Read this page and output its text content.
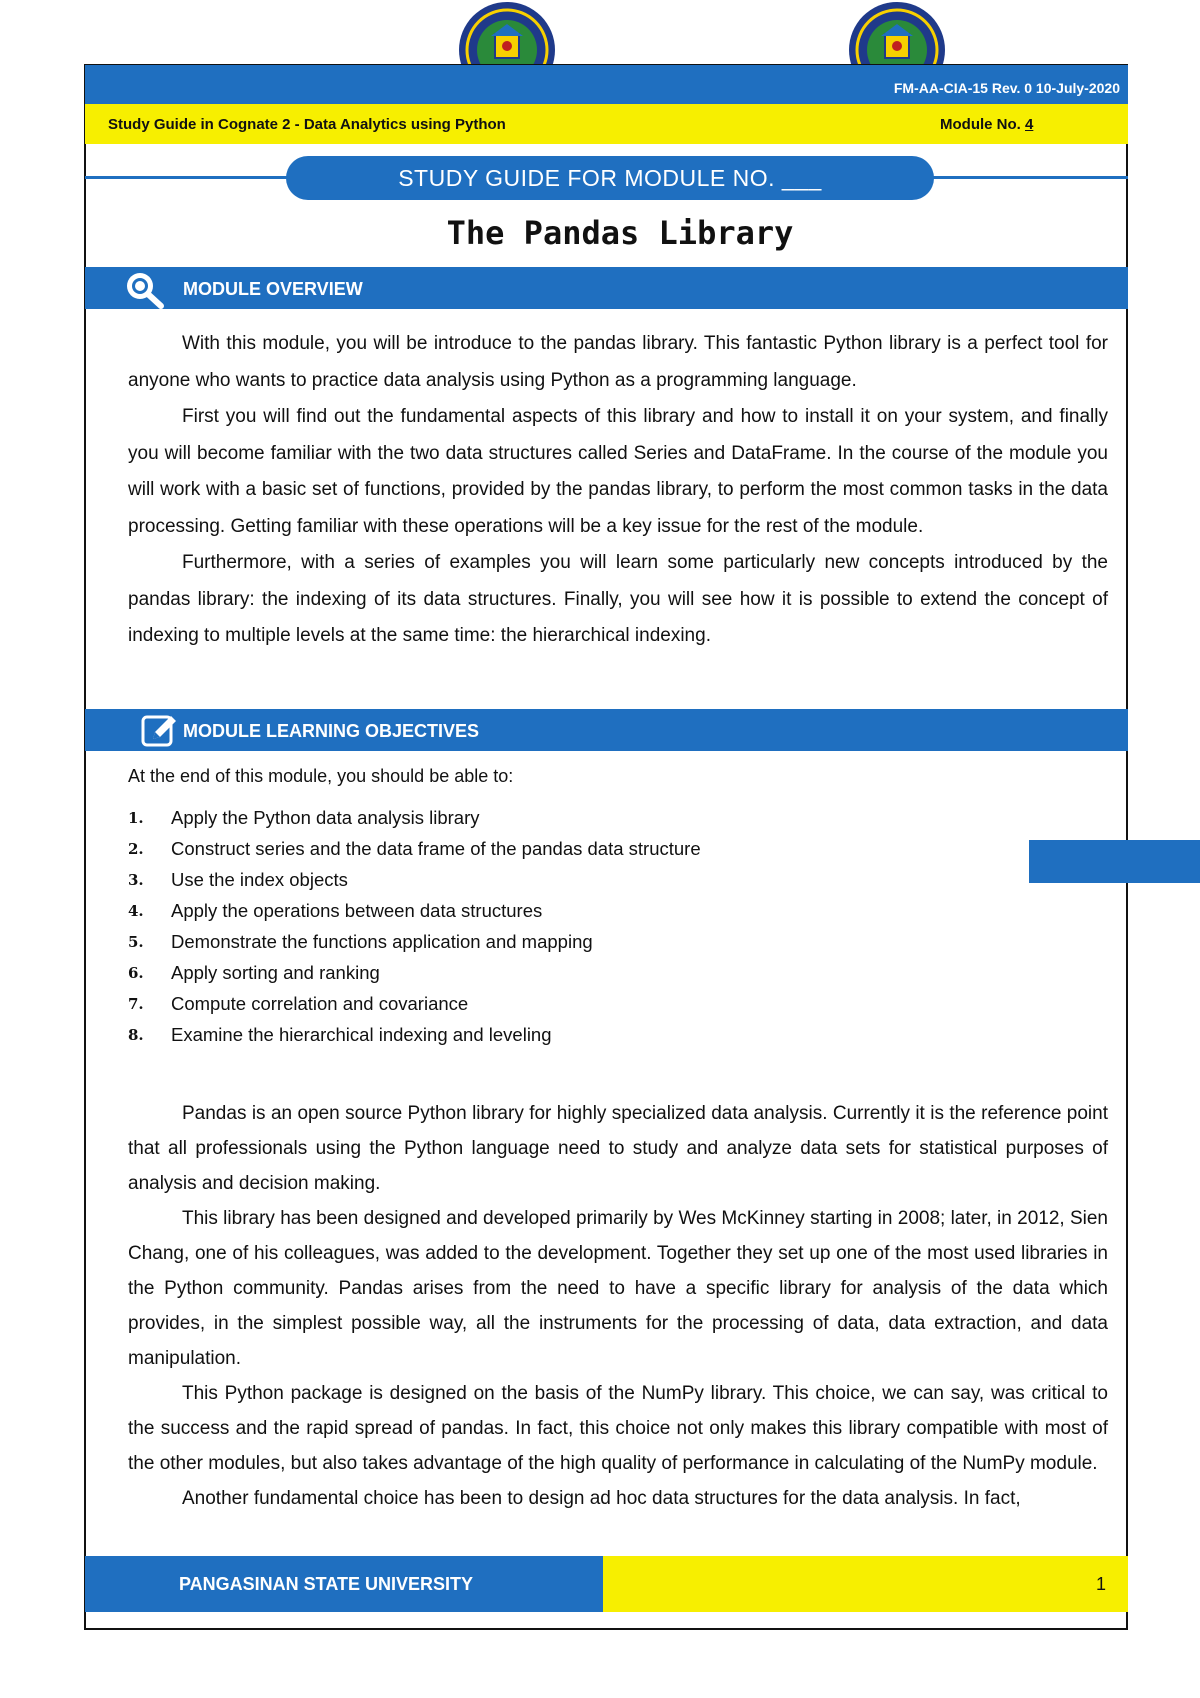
FM-AA-CIA-15 Rev. 0 10-July-2020
Study Guide in Cognate 2 - Data Analytics using Python	Module No. 4
STUDY GUIDE FOR MODULE NO. ___
The Pandas Library
MODULE OVERVIEW

With this module, you will be introduce to the pandas library. This fantastic Python library is a perfect tool for anyone who wants to practice data analysis using Python as a programming language.

First you will find out the fundamental aspects of this library and how to install it on your system, and finally you will become familiar with the two data structures called Series and DataFrame. In the course of the module you will work with a basic set of functions, provided by the pandas library, to perform the most common tasks in the data processing. Getting familiar with these operations will be a key issue for the rest of the module.

Furthermore, with a series of examples you will learn some particularly new concepts introduced by the pandas library: the indexing of its data structures. Finally, you will see how it is possible to extend the concept of indexing to multiple levels at the same time: the hierarchical indexing.

MODULE LEARNING OBJECTIVES
At the end of this module, you should be able to:
1.	Apply the Python data analysis library
2.	Construct series and the data frame of the pandas data structure
3.	Use the index objects
4.	Apply the operations between data structures
5.	Demonstrate the functions application and mapping
6.	Apply sorting and ranking
7.	Compute correlation and covariance
8.	Examine the hierarchical indexing and leveling

Pandas is an open source Python library for highly specialized data analysis. Currently it is the reference point that all professionals using the Python language need to study and analyze data sets for statistical purposes of analysis and decision making.

This library has been designed and developed primarily by Wes McKinney starting in 2008; later, in 2012, Sien Chang, one of his colleagues, was added to the development. Together they set up one of the most used libraries in the Python community. Pandas arises from the need to have a specific library for analysis of the data which provides, in the simplest possible way, all the instruments for the processing of data, data extraction, and data manipulation.

This Python package is designed on the basis of the NumPy library. This choice, we can say, was critical to the success and the rapid spread of pandas. In fact, this choice not only makes this library compatible with most of the other modules, but also takes advantage of the high quality of performance in calculating of the NumPy module.

Another fundamental choice has been to design ad hoc data structures for the data analysis. In fact,

PANGASINAN STATE UNIVERSITY	1
